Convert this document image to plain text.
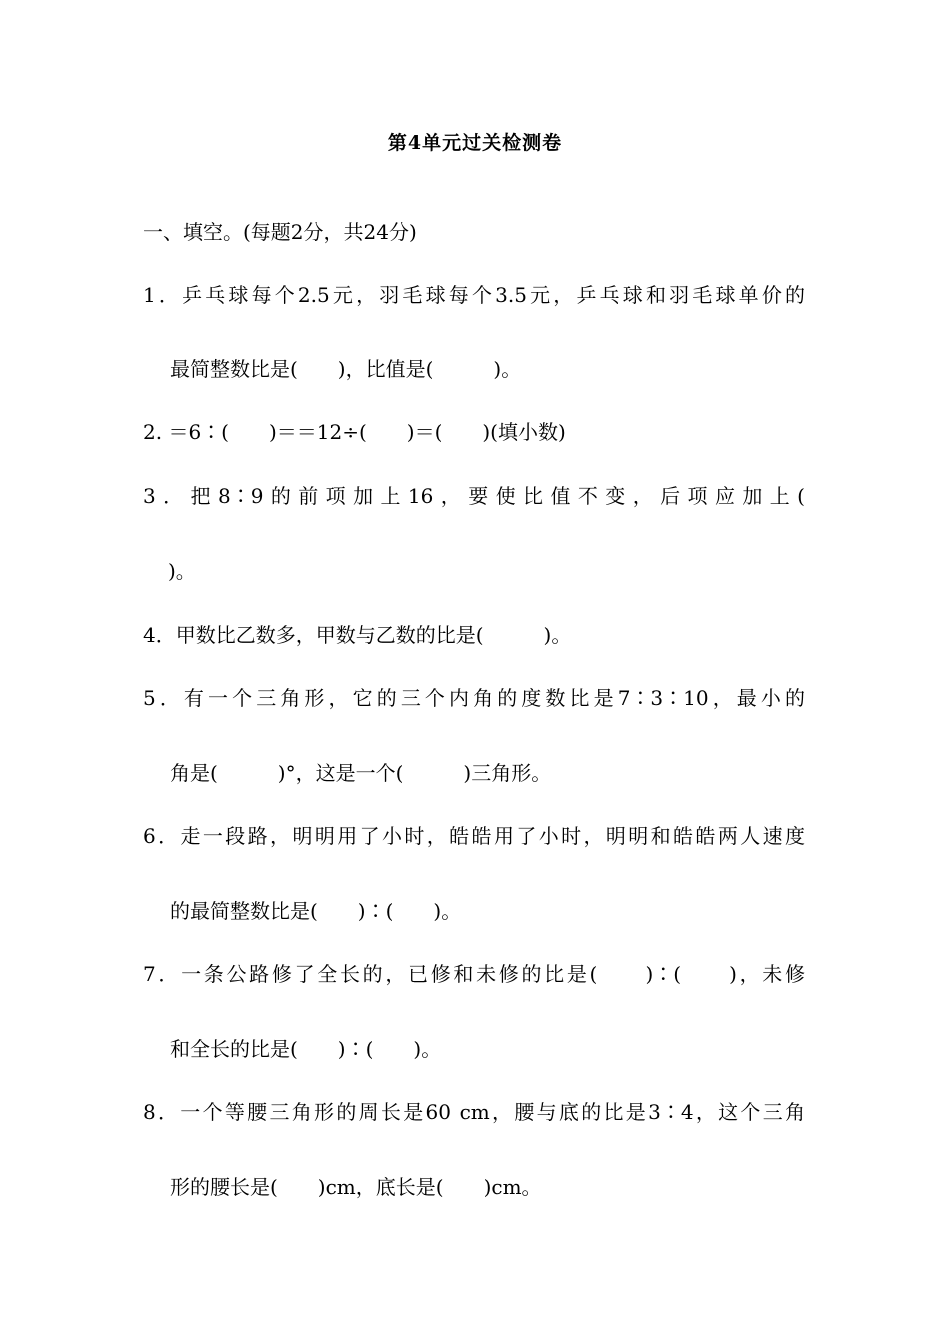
第4单元过关检测卷
一、填空。(每题2分，共24分)
1．乒乓球每个2.5元，羽毛球每个3.5元，乒乓球和羽毛球单价的
最简整数比是(　　)，比值是(　　　)。
2. ＝6∶(　　)＝＝12÷(　　)＝(　　)(填小数)
3．把8∶9的前项加上16，要使比值不变，后项应加上(
)。
4．甲数比乙数多，甲数与乙数的比是(　　　)。
5．有一个三角形，它的三个内角的度数比是7∶3∶10，最小的
角是(　　　)°，这是一个(　　　)三角形。
6．走一段路，明明用了小时，皓皓用了小时，明明和皓皓两人速度
的最简整数比是(　　)∶(　　)。
7．一条公路修了全长的，已修和未修的比是(　　)∶(　　)，未修
和全长的比是(　　)∶(　　)。
8．一个等腰三角形的周长是60 cm，腰与底的比是3∶4，这个三角
形的腰长是(　　)cm，底长是(　　)cm。
